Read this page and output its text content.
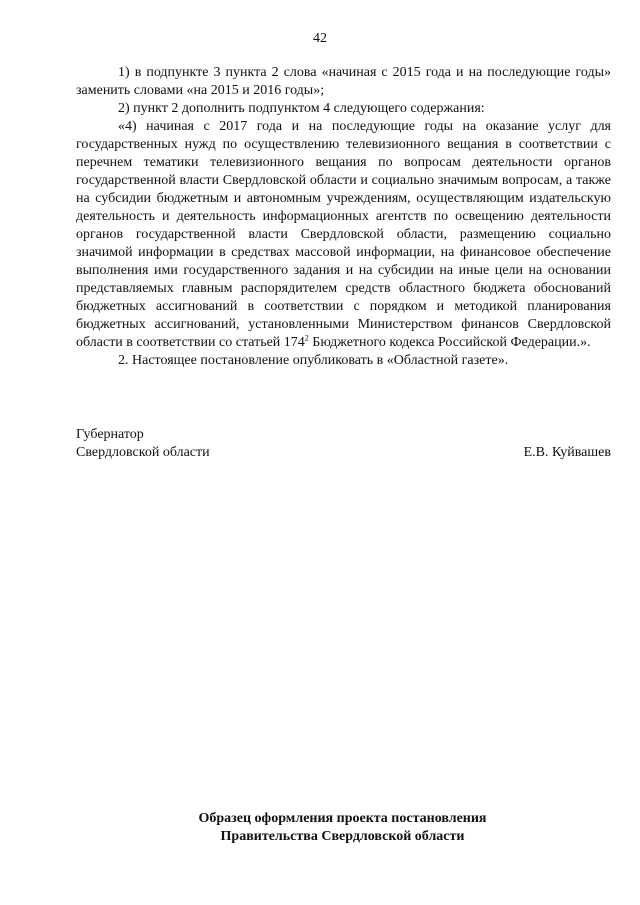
42

1) в подпункте 3 пункта 2 слова «начиная с 2015 года и на последующие годы» заменить словами «на 2015 и 2016 годы»;

2) пункт 2 дополнить подпунктом 4 следующего содержания:

«4) начиная с 2017 года и на последующие годы на оказание услуг для государственных нужд по осуществлению телевизионного вещания в соответствии с перечнем тематики телевизионного вещания по вопросам деятельности органов государственной власти Свердловской области и социально значимым вопросам, а также на субсидии бюджетным и автономным учреждениям, осуществляющим издательскую деятельность и деятельность информационных агентств по освещению деятельности органов государственной власти Свердловской области, размещению социально значимой информации в средствах массовой информации, на финансовое обеспечение выполнения ими государственного задания и на субсидии на иные цели на основании представляемых главным распорядителем средств областного бюджета обоснований бюджетных ассигнований в соответствии с порядком и методикой планирования бюджетных ассигнований, установленными Министерством финансов Свердловской области в соответствии со статьей $174^2$ Бюджетного кодекса Российской Федерации.».

2. Настоящее постановление опубликовать в «Областной газете».

Губернатор
Свердловской области	Е.В. Куйвашев
Образец оформления проекта постановления
Правительства Свердловской области
